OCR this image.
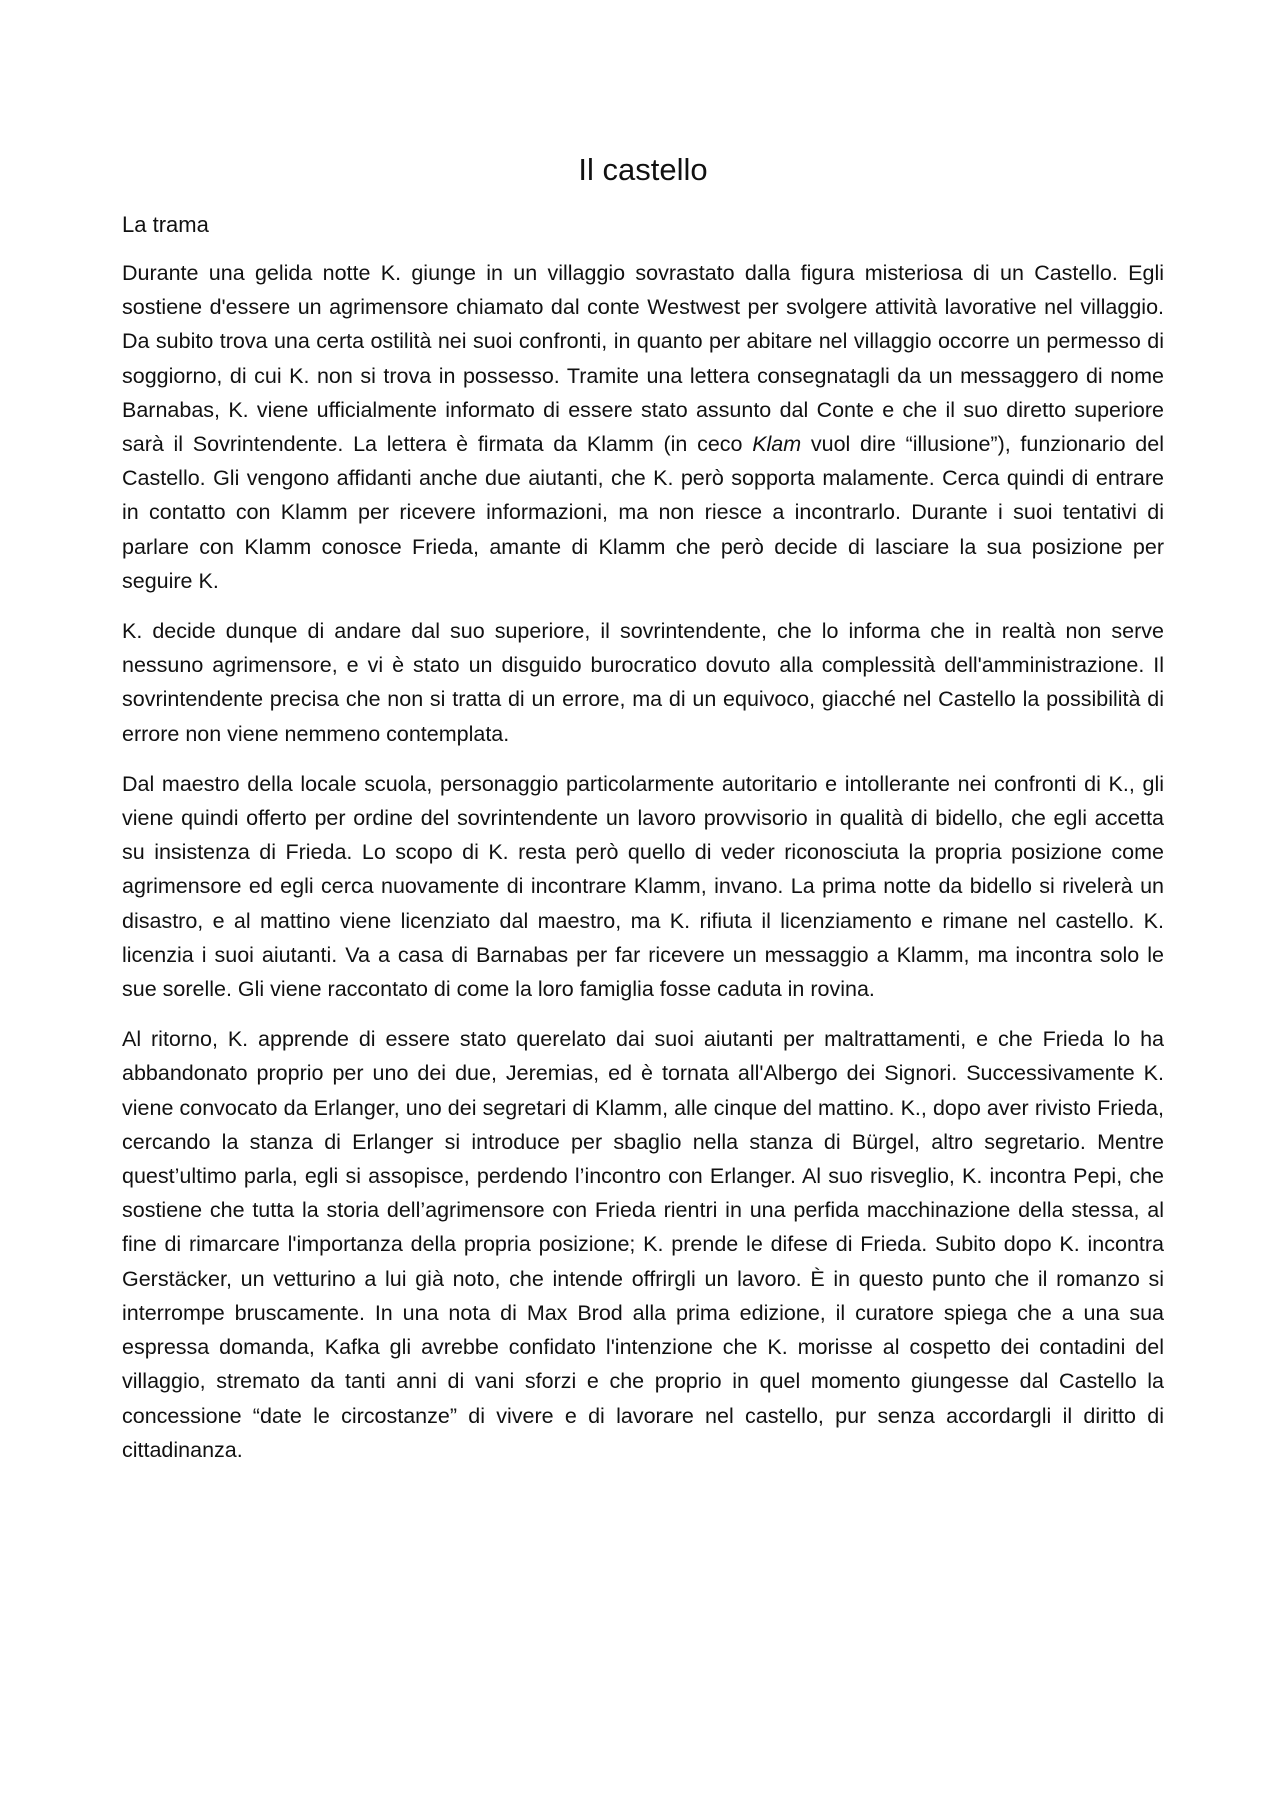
Il castello
La trama

Durante una gelida notte K. giunge in un villaggio sovrastato dalla figura misteriosa di un Castello. Egli sostiene d'essere un agrimensore chiamato dal conte Westwest per svolgere attività lavorative nel villaggio. Da subito trova una certa ostilità nei suoi confronti, in quanto per abitare nel villaggio occorre un permesso di soggiorno, di cui K. non si trova in possesso. Tramite una lettera consegnatagli da un messaggero di nome Barnabas, K. viene ufficialmente informato di essere stato assunto dal Conte e che il suo diretto superiore sarà il Sovrintendente. La lettera è firmata da Klamm (in ceco Klam vuol dire “illusione”), funzionario del Castello. Gli vengono affidanti anche due aiutanti, che K. però sopporta malamente. Cerca quindi di entrare in contatto con Klamm per ricevere informazioni, ma non riesce a incontrarlo. Durante i suoi tentativi di parlare con Klamm conosce Frieda, amante di Klamm che però decide di lasciare la sua posizione per seguire K.

K. decide dunque di andare dal suo superiore, il sovrintendente, che lo informa che in realtà non serve nessuno agrimensore, e vi è stato un disguido burocratico dovuto alla complessità dell'amministrazione. Il sovrintendente precisa che non si tratta di un errore, ma di un equivoco, giacché nel Castello la possibilità di errore non viene nemmeno contemplata.

Dal maestro della locale scuola, personaggio particolarmente autoritario e intollerante nei confronti di K., gli viene quindi offerto per ordine del sovrintendente un lavoro provvisorio in qualità di bidello, che egli accetta su insistenza di Frieda. Lo scopo di K. resta però quello di veder riconosciuta la propria posizione come agrimensore ed egli cerca nuovamente di incontrare Klamm, invano. La prima notte da bidello si rivelerà un disastro, e al mattino viene licenziato dal maestro, ma K. rifiuta il licenziamento e rimane nel castello. K. licenzia i suoi aiutanti. Va a casa di Barnabas per far ricevere un messaggio a Klamm, ma incontra solo le sue sorelle. Gli viene raccontato di come la loro famiglia fosse caduta in rovina.

Al ritorno, K. apprende di essere stato querelato dai suoi aiutanti per maltrattamenti, e che Frieda lo ha abbandonato proprio per uno dei due, Jeremias, ed è tornata all'Albergo dei Signori. Successivamente K. viene convocato da Erlanger, uno dei segretari di Klamm, alle cinque del mattino. K., dopo aver rivisto Frieda, cercando la stanza di Erlanger si introduce per sbaglio nella stanza di Bürgel, altro segretario. Mentre quest’ultimo parla, egli si assopisce, perdendo l’incontro con Erlanger. Al suo risveglio, K. incontra Pepi, che sostiene che tutta la storia dell’agrimensore con Frieda rientri in una perfida macchinazione della stessa, al fine di rimarcare l'importanza della propria posizione; K. prende le difese di Frieda. Subito dopo K. incontra Gerstäcker, un vetturino a lui già noto, che intende offrirgli un lavoro. È in questo punto che il romanzo si interrompe bruscamente. In una nota di Max Brod alla prima edizione, il curatore spiega che a una sua espressa domanda, Kafka gli avrebbe confidato l'intenzione che K. morisse al cospetto dei contadini del villaggio, stremato da tanti anni di vani sforzi e che proprio in quel momento giungesse dal Castello la concessione “date le circostanze” di vivere e di lavorare nel castello, pur senza accordargli il diritto di cittadinanza.
